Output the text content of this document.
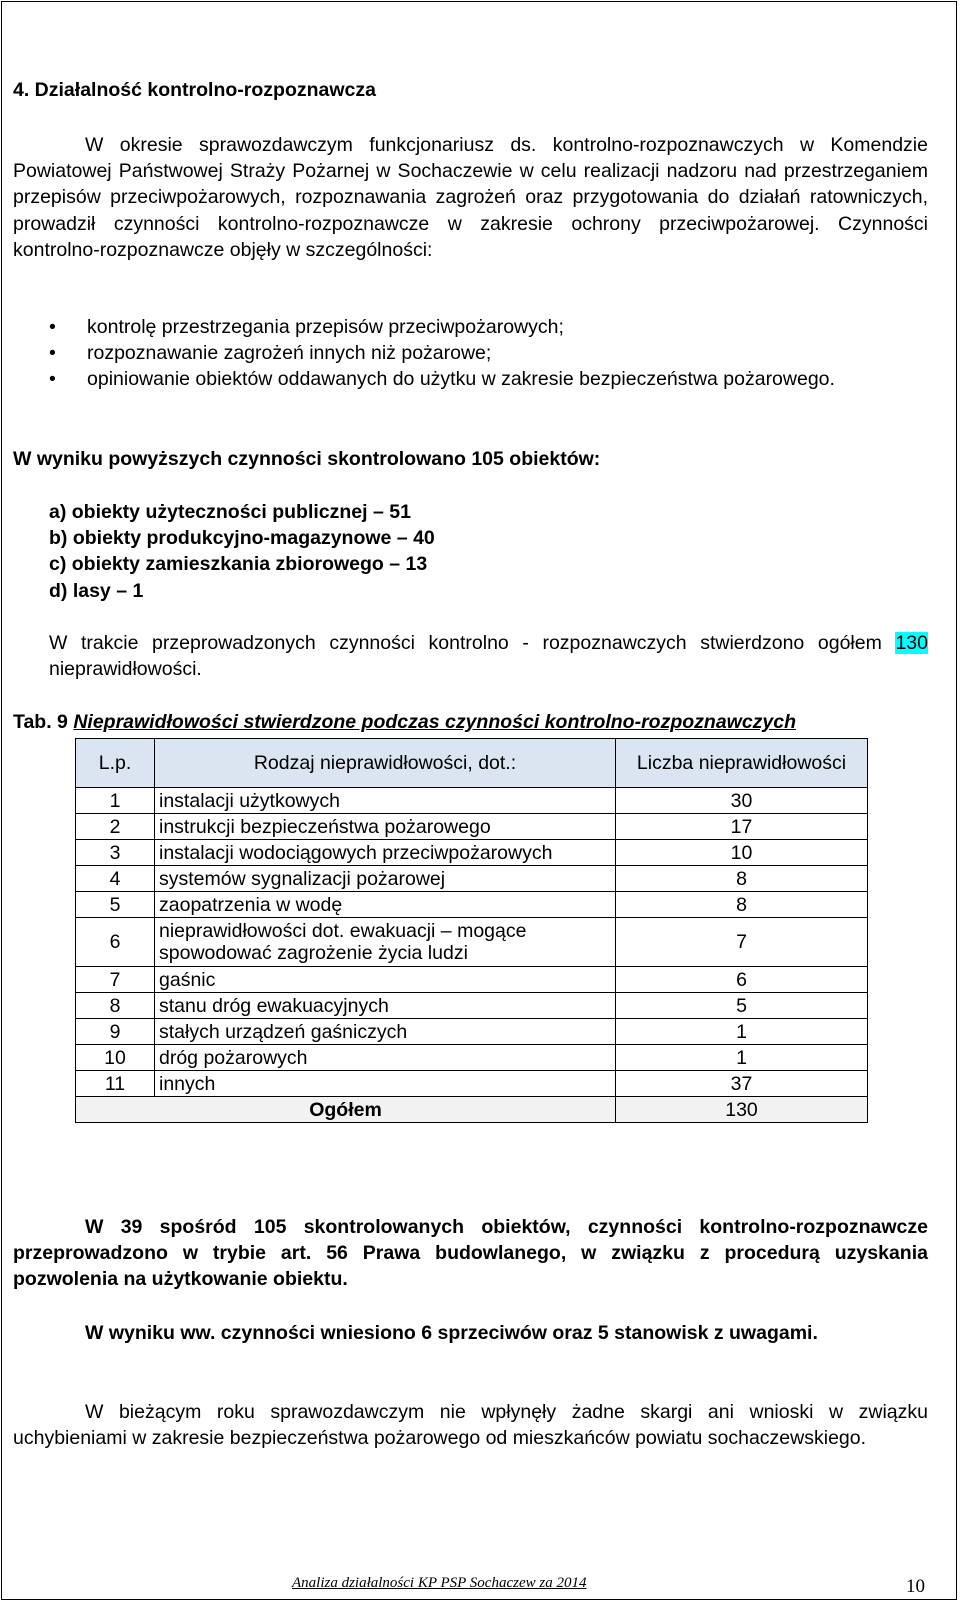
4. Działalność kontrolno-rozpoznawcza
W okresie sprawozdawczym funkcjonariusz ds. kontrolno-rozpoznawczych w Komendzie Powiatowej Państwowej Straży Pożarnej w Sochaczewie w celu realizacji nadzoru nad przestrzeganiem przepisów przeciwpożarowych, rozpoznawania zagrożeń oraz przygotowania do działań ratowniczych, prowadził czynności kontrolno-rozpoznawcze w zakresie ochrony przeciwpożarowej. Czynności kontrolno-rozpoznawcze objęły w szczególności:
• kontrolę przestrzegania przepisów przeciwpożarowych;
• rozpoznawanie zagrożeń innych niż pożarowe;
• opiniowanie obiektów oddawanych do użytku w zakresie bezpieczeństwa pożarowego.
W wyniku powyższych czynności skontrolowano 105 obiektów:
a) obiekty użyteczności publicznej – 51
b) obiekty produkcyjno-magazynowe – 40
c) obiekty zamieszkania zbiorowego – 13
d) lasy – 1
W trakcie przeprowadzonych czynności kontrolno - rozpoznawczych stwierdzono ogółem 130 nieprawidłowości.
Tab. 9 Nieprawidłowości stwierdzone podczas czynności kontrolno-rozpoznawczych
L.p.	Rodzaj nieprawidłowości, dot.:	Liczba nieprawidłowości
1	instalacji użytkowych	30
2	instrukcji bezpieczeństwa pożarowego	17
3	instalacji wodociągowych przeciwpożarowych	10
4	systemów sygnalizacji pożarowej	8
5	zaopatrzenia w wodę	8
6	nieprawidłowości dot. ewakuacji – mogące spowodować zagrożenie życia ludzi	7
7	gaśnic	6
8	stanu dróg ewakuacyjnych	5
9	stałych urządzeń gaśniczych	1
10	dróg pożarowych	1
11	innych	37
Ogółem		130
W 39 spośród 105 skontrolowanych obiektów, czynności kontrolno-rozpoznawcze przeprowadzono w trybie art. 56 Prawa budowlanego, w związku z procedurą uzyskania pozwolenia na użytkowanie obiektu.
W wyniku ww. czynności wniesiono 6 sprzeciwów oraz 5 stanowisk z uwagami.
W bieżącym roku sprawozdawczym nie wpłynęły żadne skargi ani wnioski w związku uchybieniami w zakresie bezpieczeństwa pożarowego od mieszkańców powiatu sochaczewskiego.
Analiza działalności KP PSP Sochaczew za 2014	10
